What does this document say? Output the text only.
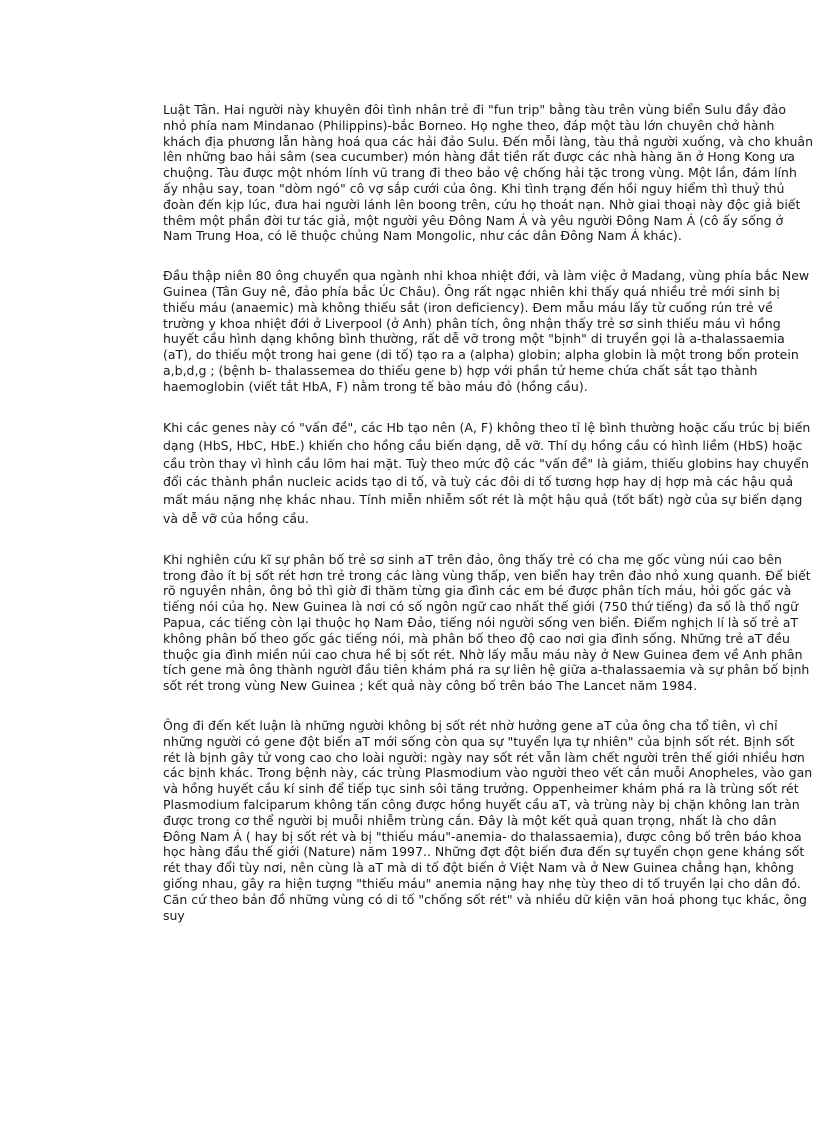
Luật Tân. Hai người này khuyên đôi tình nhân trẻ đi "fun trip" bằng tàu trên vùng biển Sulu đầy đảo nhỏ phía nam Mindanao (Philippins)-bắc Borneo. Họ nghe theo, đáp một tàu lớn chuyên chở hành khách địa phương lẫn hàng hoá qua các hải đảo Sulu. Đến mỗi làng, tàu thả người xuống, và cho khuân lên những bao hải sâm (sea cucumber) món hàng đắt tiền rất được các nhà hàng ăn ở Hong Kong ưa chuộng. Tàu được một nhóm lính vũ trang đi theo bảo vệ chống hải tặc trong vùng. Một lần, đám lính ấy nhậu say, toan "dòm ngó" cô vợ sắp cưới của ông. Khi tình trạng đến hồi nguy hiểm thì thuỷ thủ đoàn đến kịp lúc, đưa hai người lánh lên boong trên, cứu họ thoát nạn. Nhờ giai thoại này độc giả biết thêm một phần đời tư tác giả, một người yêu Đông Nam Á và yêu người Đông Nam Á (cô ấy sống ở Nam Trung Hoa, có lẽ thuộc chủng Nam Mongolic, như các dân Đông Nam Á khác).

Đầu thập niên 80 ông chuyển qua ngành nhi khoa nhiệt đới, và làm việc ở Madang, vùng phía bắc New Guinea (Tân Guy nê, đảo phía bắc Úc Châu). Ông rất ngạc nhiên khi thấy quá nhiều trẻ mới sinh bị thiếu máu (anaemic) mà không thiếu sắt (iron deficiency). Đem mẫu máu lấy từ cuống rún trẻ về trường y khoa nhiệt đới ở Liverpool (ở Anh) phân tích, ông nhận thấy trẻ sơ sinh thiếu máu vì hồng huyết cầu hình dạng không bình thường, rất dễ vỡ trong một "bịnh" di truyền gọi là a-thalassaemia (aT), do thiếu một trong hai gene (di tố) tạo ra a (alpha) globin; alpha globin là một trong bốn protein a,b,d,g ; (bệnh b- thalassemea do thiếu gene b) hợp với phần tử heme chứa chất sắt tạo thành haemoglobin (viết tắt HbA, F) nằm trong tế bào máu đỏ (hồng cầu).

Khi các genes này có "vấn đề", các Hb tạo nên (A, F) không theo tỉ lệ bình thường hoặc cấu trúc bị biến dạng (HbS, HbC, HbE.) khiến cho hồng cầu biến dạng, dễ vỡ. Thí dụ hồng cầu có hình liềm (HbS) hoặc cầu tròn thay vì hình cầu lõm hai mặt. Tuỳ theo mức độ các "vấn đề" là giảm, thiếu globins hay chuyển đổi các thành phần nucleic acids tạo di tố, và tuỳ các đôi di tố tương hợp hay dị hợp mà các hậu quả mất máu nặng nhẹ khác nhau. Tính miễn nhiễm sốt rét là một hậu quả (tốt bất) ngờ của sự biến dạng và dễ vỡ của hồng cầu.

Khi nghiên cứu kĩ sự phân bố trẻ sơ sinh aT trên đảo, ông thấy trẻ có cha mẹ gốc vùng núi cao bên trong đảo ít bị sốt rét hơn trẻ trong các làng vùng thấp, ven biển hay trên đảo nhỏ xung quanh. Để biết rõ nguyên nhân, ông bỏ thì giờ đi thăm từng gia đình các em bé được phân tích máu, hỏi gốc gác và tiếng nói của họ. New Guinea là nơi có số ngôn ngữ cao nhất thế giới (750 thứ tiếng) đa số là thổ ngữ Papua, các tiếng còn lại thuộc họ Nam Đảo, tiếng nói người sống ven biển. Điểm nghịch lí là số trẻ aT không phân bố theo gốc gác tiếng nói, mà phân bố theo độ cao nơi gia đình sống. Những trẻ aT đều thuộc gia đình miền núi cao chưa hề bị sốt rét. Nhờ lấy mẫu máu này ở New Guinea đem về Anh phân tích gene mà ông thành ngườI đầu tiên khám phá ra sự liên hệ giữa a-thalassaemia và sự phân bố bịnh sốt rét trong vùng New Guinea ; kết quả này công bố trên báo The Lancet năm 1984.

Ông đi đến kết luận là những người không bị sốt rét nhờ hưởng gene aT của ông cha tổ tiên, vì chỉ những người có gene đột biến aT mới sống còn qua sự "tuyển lựa tự nhiên" của bịnh sốt rét. Bịnh sốt rét là bịnh gây tử vong cao cho loài người: ngày nay sốt rét vẫn làm chết người trên thế giới nhiều hơn các bịnh khác. Trong bệnh này, các trùng Plasmodium vào người theo vết cắn muỗi Anopheles, vào gan và hồng huyết cầu kí sinh để tiếp tục sinh sôi tăng trưởng. Oppenheimer khám phá ra là trùng sốt rét Plasmodium falciparum không tấn công được hồng huyết cầu aT, và trùng này bị chặn không lan tràn được trong cơ thể người bị muỗi nhiễm trùng cắn. Đây là một kết quả quan trọng, nhất là cho dân Đông Nam Á ( hay bị sốt rét và bị "thiếu máu"-anemia- do thalassaemia), được công bố trên báo khoa học hàng đầu thế giới (Nature) năm 1997.. Những đợt đột biến đưa đến sự tuyển chọn gene kháng sốt rét thay đổi tùy nơi, nên cùng là aT mà di tố đột biến ở Việt Nam và ở New Guinea chẳng hạn, không giống nhau, gây ra hiện tượng "thiếu máu" anemia nặng hay nhẹ tùy theo di tố truyền lại cho dân đó. Căn cứ theo bản đồ những vùng có di tố "chống sốt rét" và nhiều dữ kiện văn hoá phong tục khác, ông suy
